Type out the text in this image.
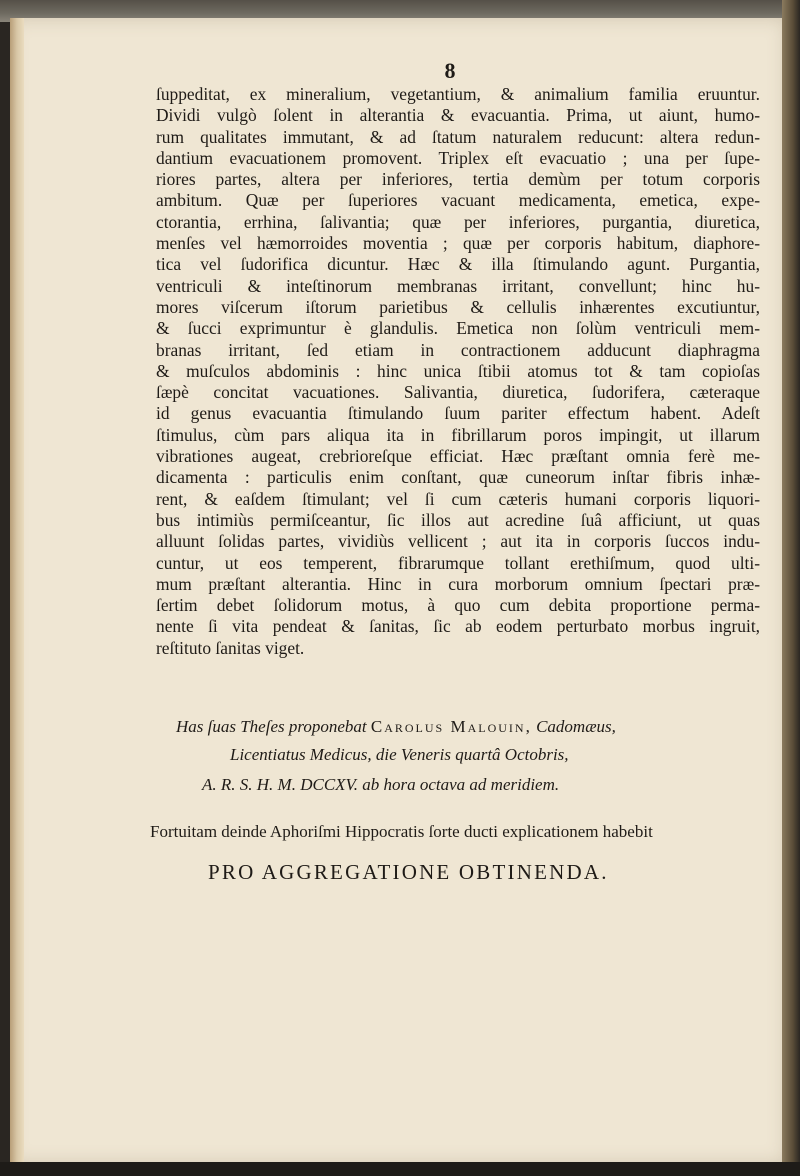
8
ſuppeditat, ex mineralium, vegetantium, & animalium familia eruuntur.
Dividi vulgò ſolent in alterantia & evacuantia. Prima, ut aiunt, humo-
rum qualitates immutant, & ad ſtatum naturalem reducunt: altera redun-
dantium evacuationem promovent. Triplex eſt evacuatio ; una per ſupe-
riores partes, altera per inferiores, tertia demùm per totum corporis
ambitum. Quæ per ſuperiores vacuant medicamenta, emetica, expe-
ctorantia, errhina, ſalivantia; quæ per inferiores, purgantia, diuretica,
menſes vel hæmorroides moventia ; quæ per corporis habitum, diaphore-
tica vel ſudorifica dicuntur. Hæc & illa ſtimulando agunt. Purgantia,
ventriculi & inteſtinorum membranas irritant, convellunt; hinc hu-
mores viſcerum iſtorum parietibus & cellulis inhærentes excutiuntur,
& ſucci exprimuntur è glandulis. Emetica non ſolùm ventriculi mem-
branas irritant, ſed etiam in contractionem adducunt diaphragma
& muſculos abdominis : hinc unica ſtibii atomus tot & tam copioſas
ſæpè concitat vacuationes. Salivantia, diuretica, ſudorifera, cæteraque
id genus evacuantia ſtimulando ſuum pariter effectum habent. Adeſt
ſtimulus, cùm pars aliqua ita in fibrillarum poros impingit, ut illarum
vibrationes augeat, crebrioreſque efficiat. Hæc præſtant omnia ferè me-
dicamenta : particulis enim conſtant, quæ cuneorum inſtar fibris inhæ-
rent, & eaſdem ſtimulant; vel ſi cum cæteris humani corporis liquori-
bus intimiùs permiſceantur, ſic illos aut acredine ſuâ afficiunt, ut quas
alluunt ſolidas partes, vividiùs vellicent ; aut ita in corporis ſuccos indu-
cuntur, ut eos temperent, fibrarumque tollant erethiſmum, quod ulti-
mum præſtant alterantia. Hinc in cura morborum omnium ſpectari præ-
ſertim debet ſolidorum motus, à quo cum debita proportione perma-
nente ſi vita pendeat & ſanitas, ſic ab eodem perturbato morbus ingruit,
reſtituto ſanitas viget.
Has ſuas Theſes proponebat Carolus Malouin, Cadomæus,
Licentiatus Medicus, die Veneris quartâ Octobris,
A. R. S. H. M. DCCXV. ab hora octava ad meridiem.
Fortuitam deinde Aphoriſmi Hippocratis ſorte ducti explicationem habebit
PRO AGGREGATIONE OBTINENDA.
